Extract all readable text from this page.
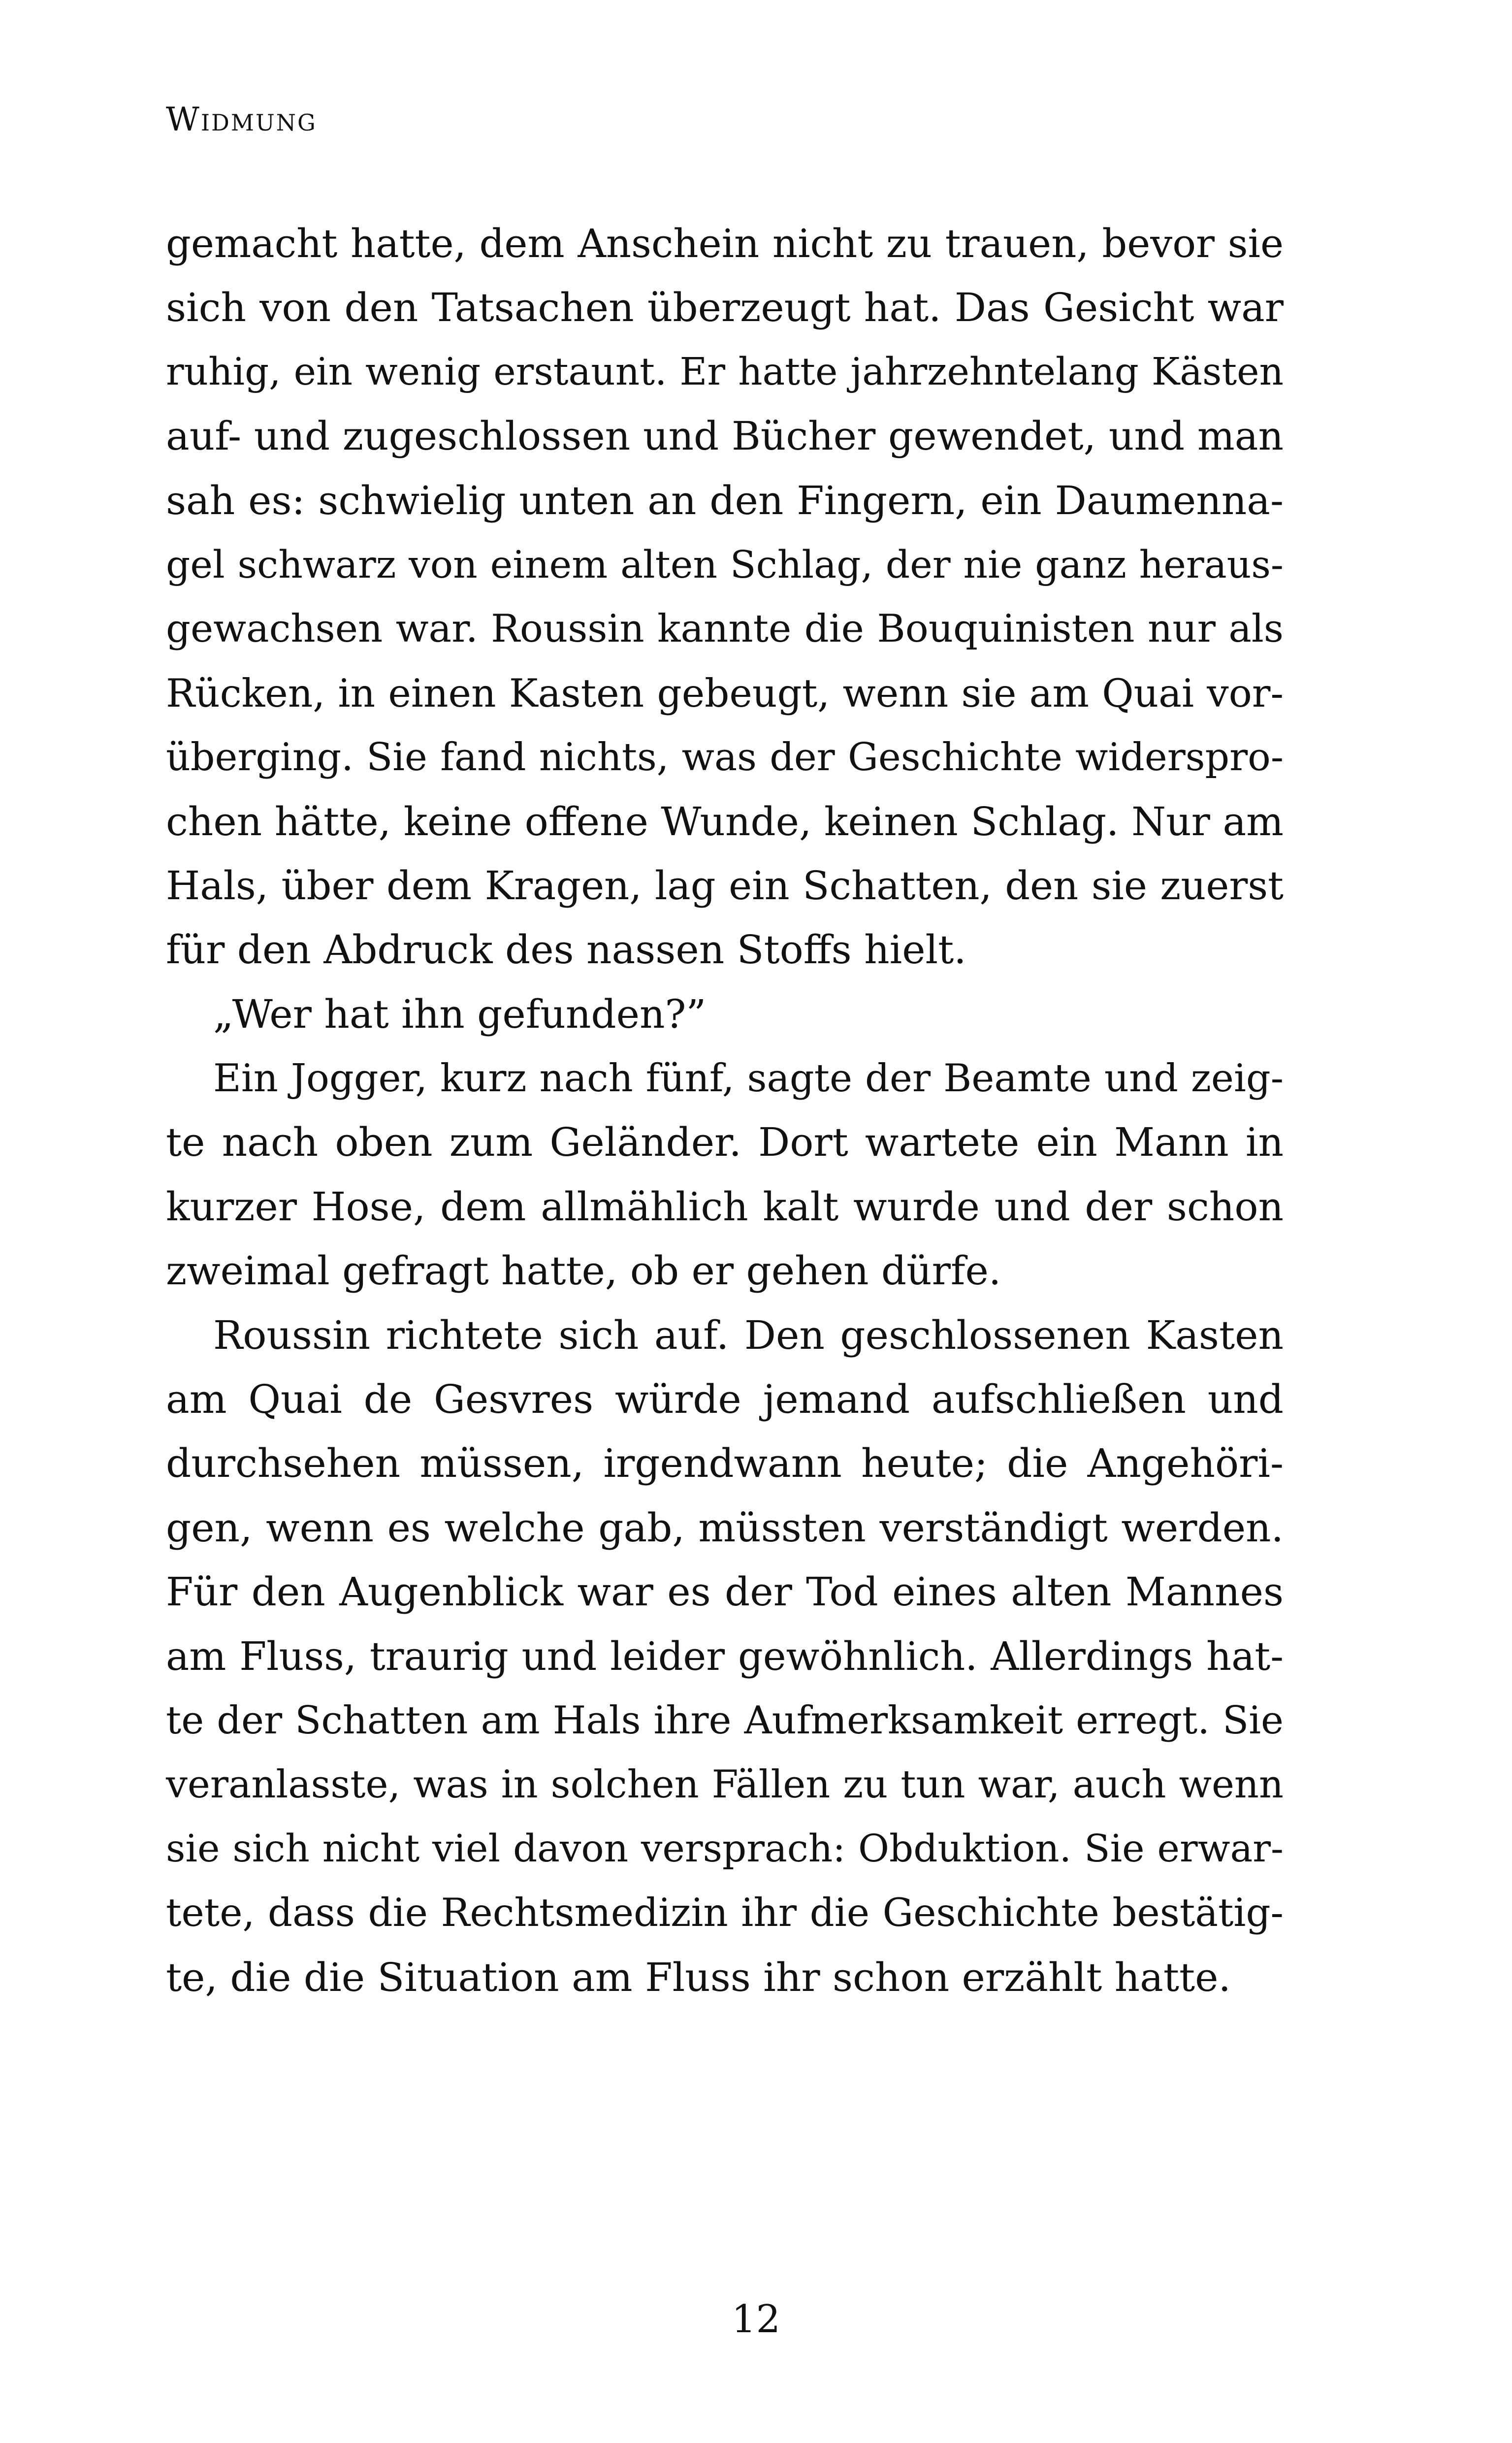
Widmung
gemacht hatte, dem Anschein nicht zu trauen, bevor sie
sich von den Tatsachen überzeugt hat. Das Gesicht war
ruhig, ein wenig erstaunt. Er hatte jahrzehntelang Kästen
auf- und zugeschlossen und Bücher gewendet, und man
sah es: schwielig unten an den Fingern, ein Daumenna-
gel schwarz von einem alten Schlag, der nie ganz heraus-
gewachsen war. Roussin kannte die Bouquinisten nur als
Rücken, in einen Kasten gebeugt, wenn sie am Quai vor-
überging. Sie fand nichts, was der Geschichte widerspro-
chen hätte, keine offene Wunde, keinen Schlag. Nur am
Hals, über dem Kragen, lag ein Schatten, den sie zuerst
für den Abdruck des nassen Stoffs hielt.
„Wer hat ihn gefunden?”
Ein Jogger, kurz nach fünf, sagte der Beamte und zeig-
te nach oben zum Geländer. Dort wartete ein Mann in
kurzer Hose, dem allmählich kalt wurde und der schon
zweimal gefragt hatte, ob er gehen dürfe.
Roussin richtete sich auf. Den geschlossenen Kasten
am Quai de Gesvres würde jemand aufschließen und
durchsehen müssen, irgendwann heute; die Angehöri-
gen, wenn es welche gab, müssten verständigt werden.
Für den Augenblick war es der Tod eines alten Mannes
am Fluss, traurig und leider gewöhnlich. Allerdings hat-
te der Schatten am Hals ihre Aufmerksamkeit erregt. Sie
veranlasste, was in solchen Fällen zu tun war, auch wenn
sie sich nicht viel davon versprach: Obduktion. Sie erwar-
tete, dass die Rechtsmedizin ihr die Geschichte bestätig-
te, die die Situation am Fluss ihr schon erzählt hatte.
12
